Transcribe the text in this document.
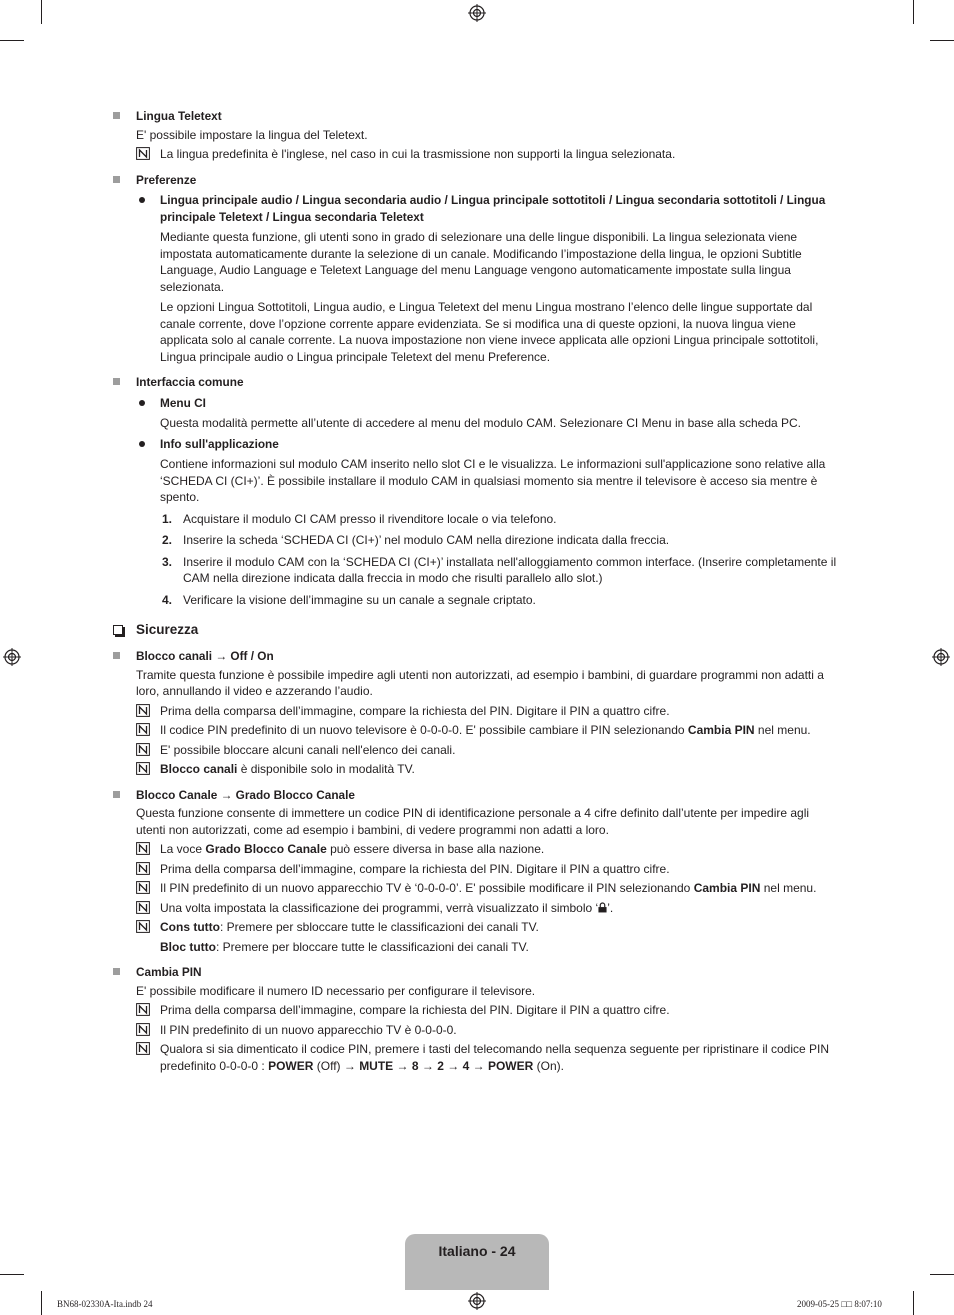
Lingua Teletext
E' possibile impostare la lingua del Teletext.
La lingua predefinita è l'inglese, nel caso in cui la trasmissione non supporti la lingua selezionata.
Preferenze
Lingua principale audio / Lingua secondaria audio / Lingua principale sottotitoli / Lingua secondaria sottotitoli / Lingua principale Teletext / Lingua secondaria Teletext
Mediante questa funzione, gli utenti sono in grado di selezionare una delle lingue disponibili. La lingua selezionata viene impostata automaticamente durante la selezione di un canale. Modificando l’impostazione della lingua, le opzioni Subtitle Language, Audio Language e Teletext Language del menu Language vengono automaticamente impostate sulla lingua selezionata.
Le opzioni Lingua Sottotitoli, Lingua audio, e Lingua Teletext del menu Lingua mostrano l’elenco delle lingue supportate dal canale corrente, dove l’opzione corrente appare evidenziata. Se si modifica una di queste opzioni, la nuova lingua viene applicata solo al canale corrente. La nuova impostazione non viene invece applicata alle opzioni Lingua principale sottotitoli, Lingua principale audio o Lingua principale Teletext del menu Preference.
Interfaccia comune
Menu CI
Questa modalità permette all’utente di accedere al menu del modulo CAM. Selezionare CI Menu in base alla scheda PC.
Info sull'applicazione
Contiene informazioni sul modulo CAM inserito nello slot CI e le visualizza. Le informazioni sull'applicazione sono relative alla ‘SCHEDA CI (CI+)’. È possibile installare il modulo CAM in qualsiasi momento sia mentre il televisore è acceso sia mentre è spento.
1. Acquistare il modulo CI CAM presso il rivenditore locale o via telefono.
2. Inserire la scheda ‘SCHEDA CI (CI+)’ nel modulo CAM nella direzione indicata dalla freccia.
3. Inserire il modulo CAM con la ‘SCHEDA CI (CI+)’ installata nell'alloggiamento common interface. (Inserire completamente il CAM nella direzione indicata dalla freccia in modo che risulti parallelo allo slot.)
4. Verificare la visione dell’immagine su un canale a segnale criptato.
Sicurezza
Blocco canali → Off / On
Tramite questa funzione è possibile impedire agli utenti non autorizzati, ad esempio i bambini, di guardare programmi non adatti a loro, annullando il video e azzerando l’audio.
Prima della comparsa dell’immagine, compare la richiesta del PIN. Digitare il PIN a quattro cifre.
Il codice PIN predefinito di un nuovo televisore è 0-0-0-0. E' possibile cambiare il PIN selezionando Cambia PIN nel menu.
E' possibile bloccare alcuni canali nell'elenco dei canali.
Blocco canali è disponibile solo in modalità TV.
Blocco Canale → Grado Blocco Canale
Questa funzione consente di immettere un codice PIN di identificazione personale a 4 cifre definito dall’utente per impedire agli utenti non autorizzati, come ad esempio i bambini, di vedere programmi non adatti a loro.
La voce Grado Blocco Canale può essere diversa in base alla nazione.
Prima della comparsa dell’immagine, compare la richiesta del PIN. Digitare il PIN a quattro cifre.
Il PIN predefinito di un nuovo apparecchio TV è ‘0-0-0-0’. E' possibile modificare il PIN selezionando Cambia PIN nel menu.
Una volta impostata la classificazione dei programmi, verrà visualizzato il simbolo ‘ ’.
Cons tutto: Premere per sbloccare tutte le classificazioni dei canali TV.
Bloc tutto: Premere per bloccare tutte le classificazioni dei canali TV.
Cambia PIN
E' possibile modificare il numero ID necessario per configurare il televisore.
Prima della comparsa dell’immagine, compare la richiesta del PIN. Digitare il PIN a quattro cifre.
Il PIN predefinito di un nuovo apparecchio TV è 0-0-0-0.
Qualora si sia dimenticato il codice PIN, premere i tasti del telecomando nella sequenza seguente per ripristinare il codice PIN predefinito 0-0-0-0 : POWER (Off) → MUTE → 8 → 2 → 4 → POWER (On).
Italiano - 24
BN68-02330A-Ita.indb 24	2009-05-25 □□ 8:07:10
